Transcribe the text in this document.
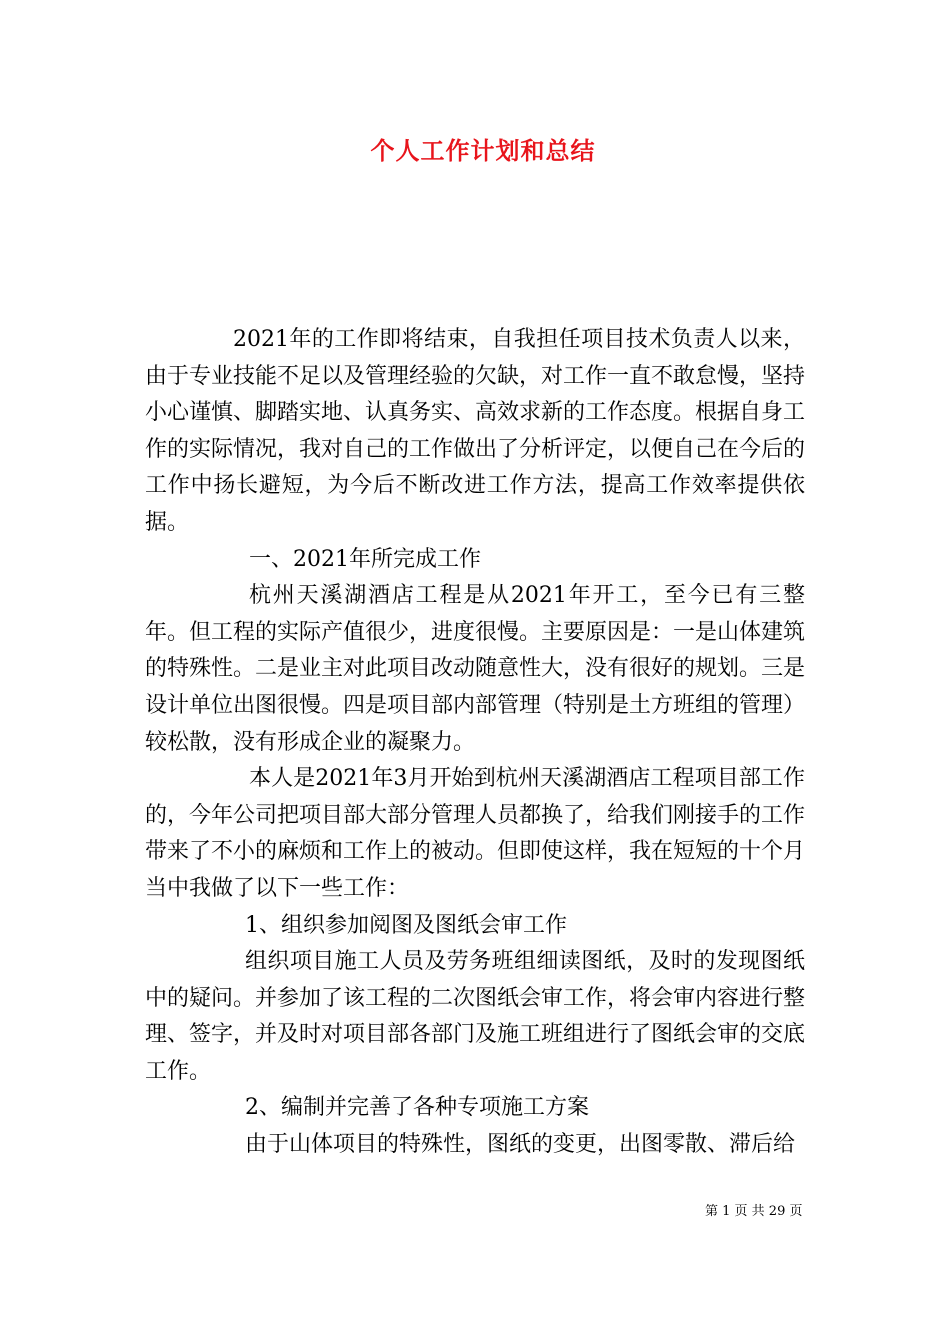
个人工作计划和总结

2021年的工作即将结束，自我担任项目技术负责人以来，由于专业技能不足以及管理经验的欠缺，对工作一直不敢怠慢，坚持小心谨慎、脚踏实地、认真务实、高效求新的工作态度。根据自身工作的实际情况，我对自己的工作做出了分析评定，以便自己在今后的工作中扬长避短，为今后不断改进工作方法，提高工作效率提供依据。

一、2021年所完成工作

杭州天溪湖酒店工程是从2021年开工，至今已有三整年。但工程的实际产值很少，进度很慢。主要原因是：一是山体建筑的特殊性。二是业主对此项目改动随意性大，没有很好的规划。三是设计单位出图很慢。四是项目部内部管理（特别是土方班组的管理）较松散，没有形成企业的凝聚力。

本人是2021年3月开始到杭州天溪湖酒店工程项目部工作的，今年公司把项目部大部分管理人员都换了，给我们刚接手的工作带来了不小的麻烦和工作上的被动。但即使这样，我在短短的十个月当中我做了以下一些工作：

1、组织参加阅图及图纸会审工作

组织项目施工人员及劳务班组细读图纸，及时的发现图纸中的疑问。并参加了该工程的二次图纸会审工作，将会审内容进行整理、签字，并及时对项目部各部门及施工班组进行了图纸会审的交底工作。

2、编制并完善了各种专项施工方案

由于山体项目的特殊性，图纸的变更，出图零散、滞后给

第 1 页 共 29 页
